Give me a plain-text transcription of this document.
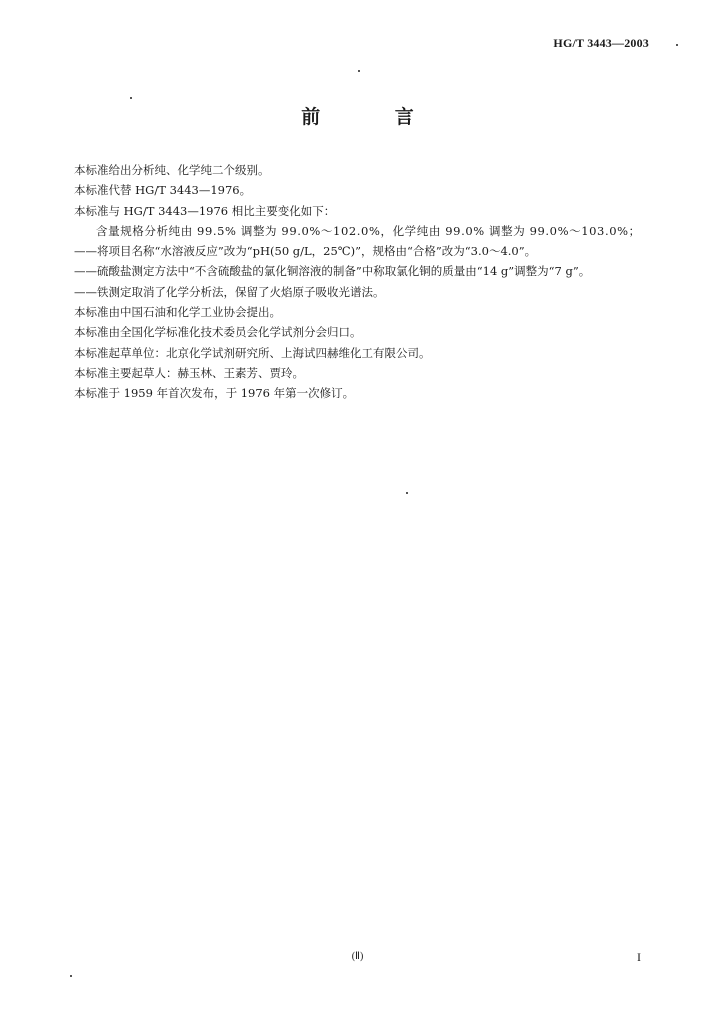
HG/T 3443—2003
前 言

本标准给出分析纯、化学纯二个级别。

本标准代替 HG/T 3443—1976。

本标准与 HG/T 3443—1976 相比主要变化如下：

含量规格分析纯由 99.5% 调整为 99.0%～102.0%，化学纯由 99.0% 调整为 99.0%～103.0%；

——将项目名称“水溶液反应”改为“pH(50 g/L，25℃)”，规格由“合格”改为“3.0～4.0”。

——硫酸盐测定方法中“不含硫酸盐的氯化铜溶液的制备”中称取氯化铜的质量由“14 g”调整为“7 g”。

——铁测定取消了化学分析法，保留了火焰原子吸收光谱法。

本标准由中国石油和化学工业协会提出。

本标准由全国化学标准化技术委员会化学试剂分会归口。

本标准起草单位：北京化学试剂研究所、上海试四赫维化工有限公司。

本标准主要起草人：赫玉林、王素芳、贾玲。

本标准于 1959 年首次发布，于 1976 年第一次修订。

(Ⅱ)	I
